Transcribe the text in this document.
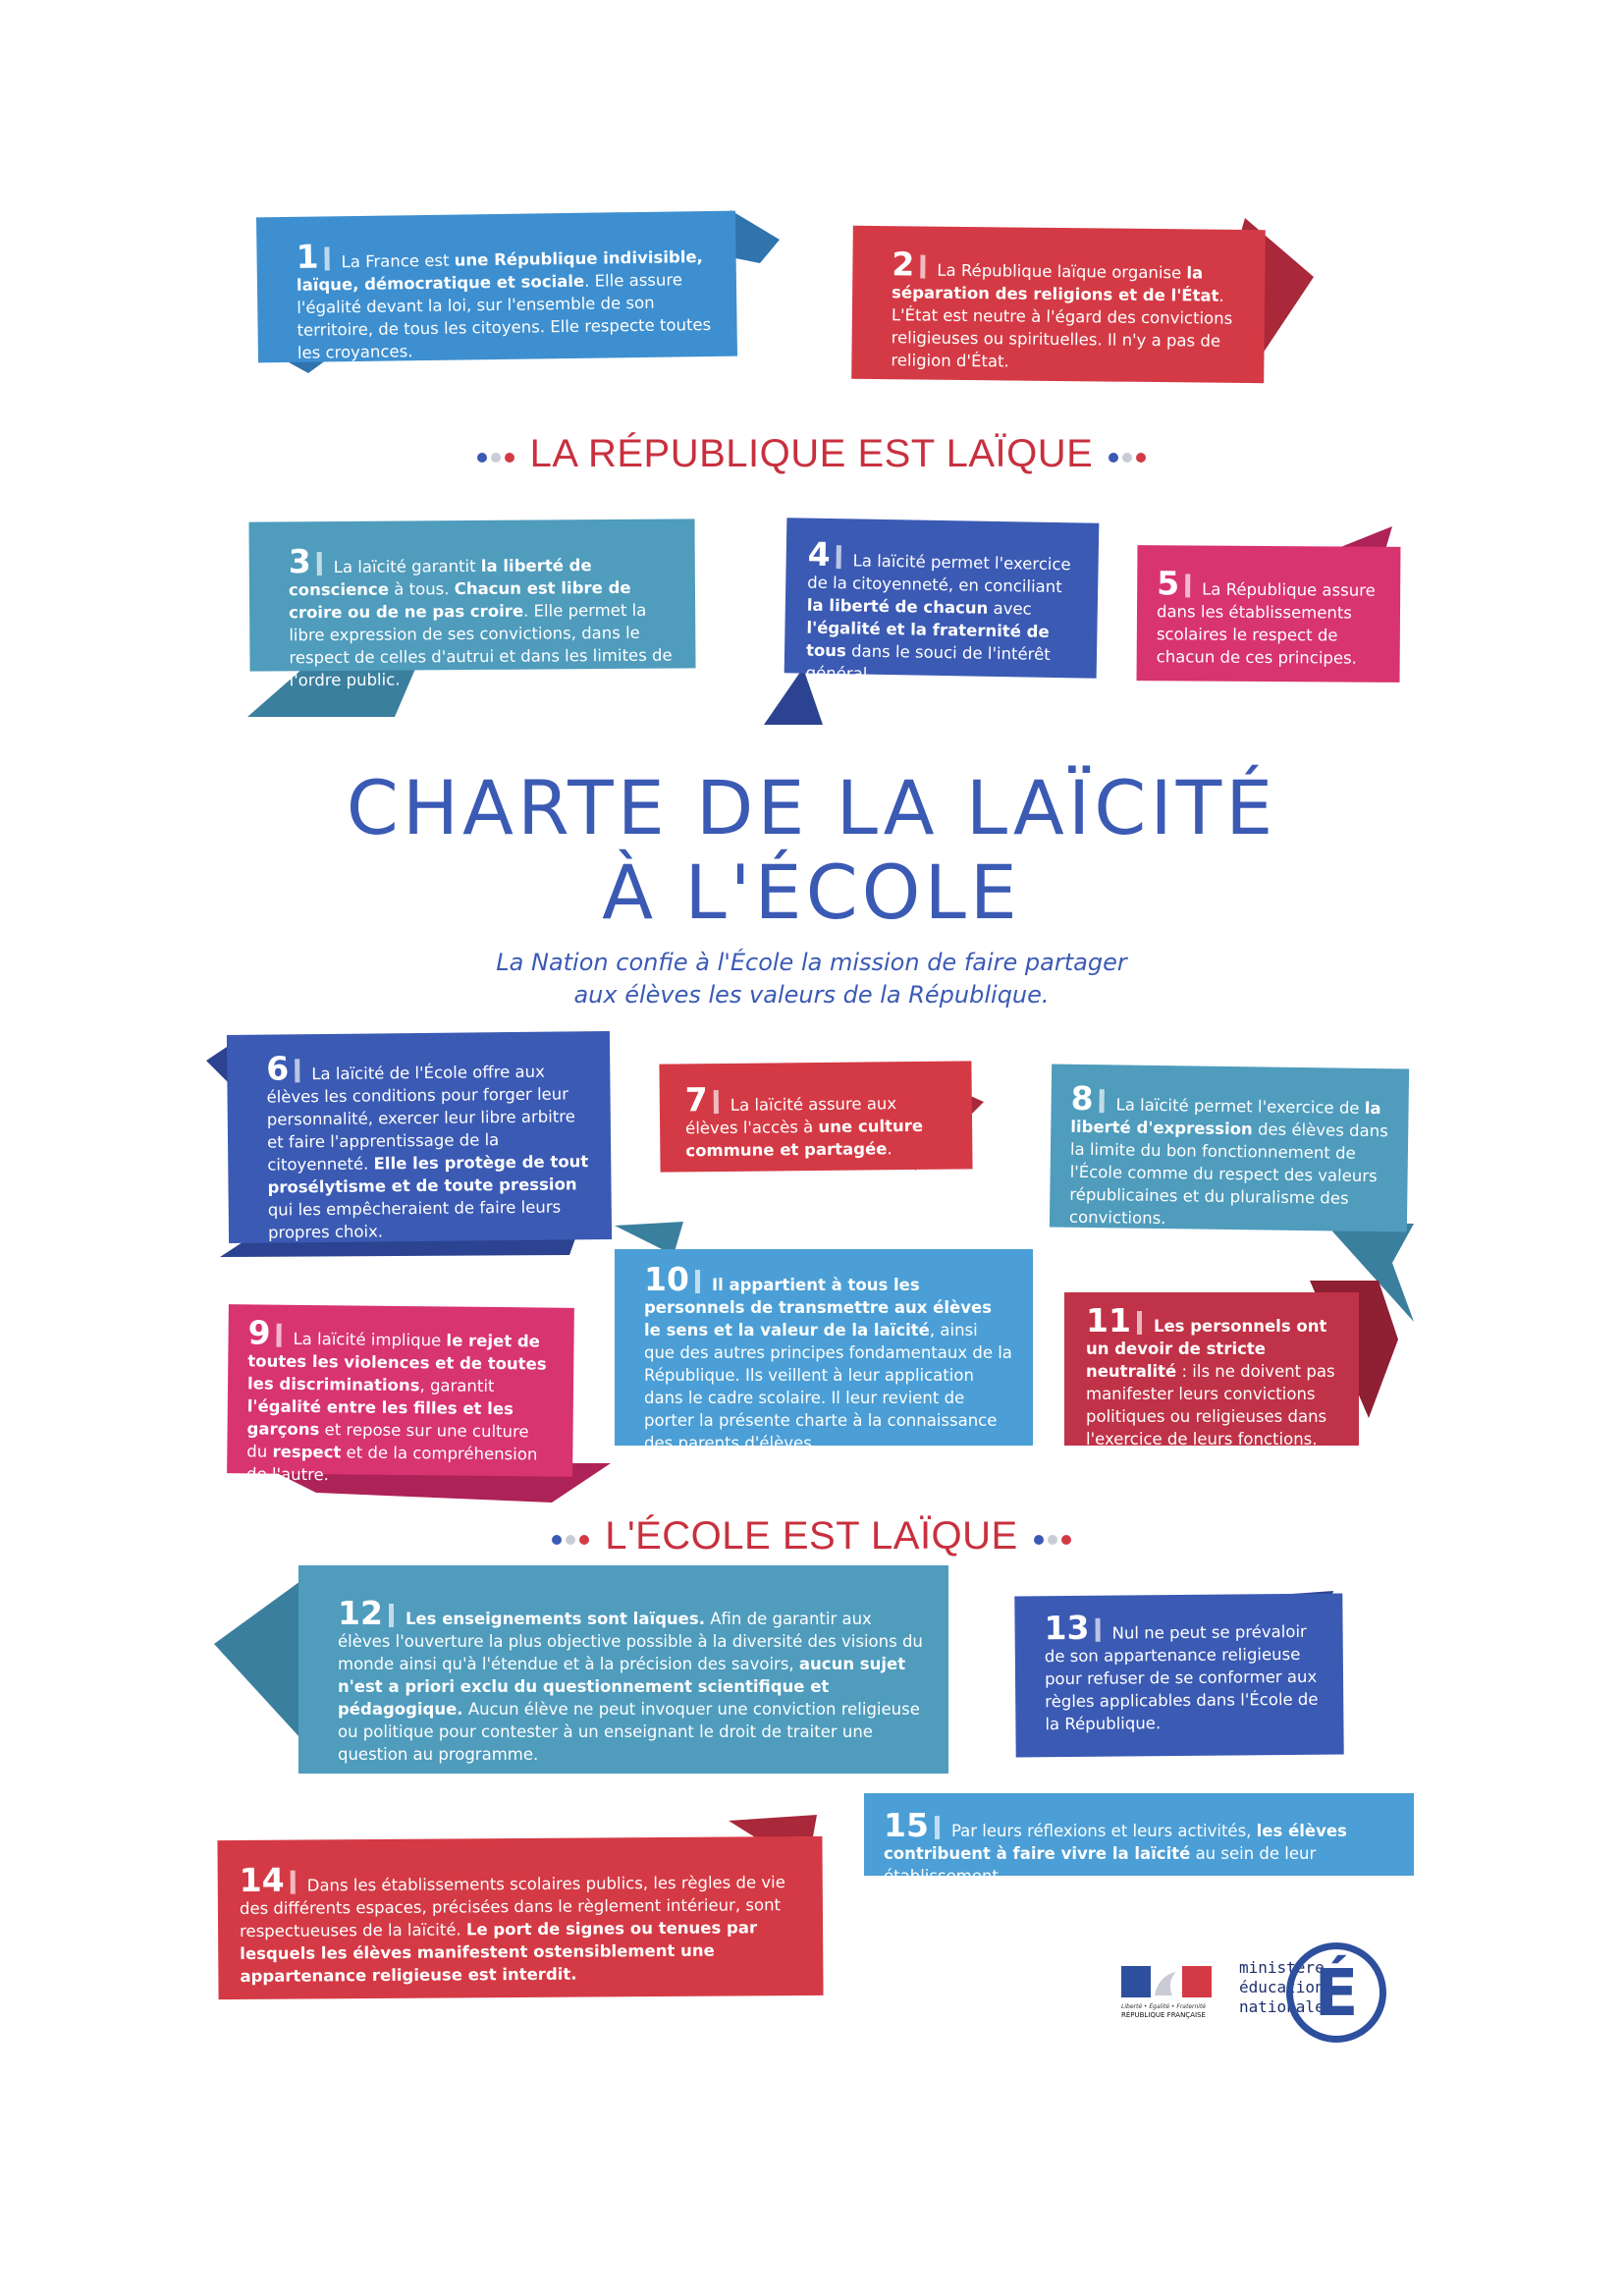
1 La France est une République indivisible, laïque, démocratique et sociale. Elle assure l'égalité devant la loi, sur l'ensemble de son territoire, de tous les citoyens. Elle respecte toutes les croyances.
2 La République laïque organise la séparation des religions et de l'État. L'État est neutre à l'égard des convictions religieuses ou spirituelles. Il n'y a pas de religion d'État.
LA RÉPUBLIQUE EST LAÏQUE
3 La laïcité garantit la liberté de conscience à tous. Chacun est libre de croire ou de ne pas croire. Elle permet la libre expression de ses convictions, dans le respect de celles d'autrui et dans les limites de l'ordre public.
4 La laïcité permet l'exercice de la citoyenneté, en conciliant la liberté de chacun avec l'égalité et la fraternité de tous dans le souci de l'intérêt général.
5 La République assure dans les établissements scolaires le respect de chacun de ces principes.
CHARTE DE LA LAÏCITÉ
À L'ÉCOLE
La Nation confie à l'École la mission de faire partager
aux élèves les valeurs de la République.
6 La laïcité de l'École offre aux élèves les conditions pour forger leur personnalité, exercer leur libre arbitre et faire l'apprentissage de la citoyenneté. Elle les protège de tout prosélytisme et de toute pression qui les empêcheraient de faire leurs propres choix.
7 La laïcité assure aux élèves l'accès à une culture commune et partagée.
8 La laïcité permet l'exercice de la liberté d'expression des élèves dans la limite du bon fonctionnement de l'École comme du respect des valeurs républicaines et du pluralisme des convictions.
9 La laïcité implique le rejet de toutes les violences et de toutes les discriminations, garantit l'égalité entre les filles et les garçons et repose sur une culture du respect et de la compréhension de l'autre.
10 Il appartient à tous les personnels de transmettre aux élèves le sens et la valeur de la laïcité, ainsi que des autres principes fondamentaux de la République. Ils veillent à leur application dans le cadre scolaire. Il leur revient de porter la présente charte à la connaissance des parents d'élèves.
11 Les personnels ont un devoir de stricte neutralité : ils ne doivent pas manifester leurs convictions politiques ou religieuses dans l'exercice de leurs fonctions.
L'ÉCOLE EST LAÏQUE
12 Les enseignements sont laïques. Afin de garantir aux élèves l'ouverture la plus objective possible à la diversité des visions du monde ainsi qu'à l'étendue et à la précision des savoirs, aucun sujet n'est a priori exclu du questionnement scientifique et pédagogique. Aucun élève ne peut invoquer une conviction religieuse ou politique pour contester à un enseignant le droit de traiter une question au programme.
13 Nul ne peut se prévaloir de son appartenance religieuse pour refuser de se conformer aux règles applicables dans l'École de la République.
14 Dans les établissements scolaires publics, les règles de vie des différents espaces, précisées dans le règlement intérieur, sont respectueuses de la laïcité. Le port de signes ou tenues par lesquels les élèves manifestent ostensiblement une appartenance religieuse est interdit.
15 Par leurs réflexions et leurs activités, les élèves contribuent à faire vivre la laïcité au sein de leur établissement.
Liberté • Égalité • Fraternité
RÉPUBLIQUE FRANÇAISE
ministère
éducation
nationale
É
